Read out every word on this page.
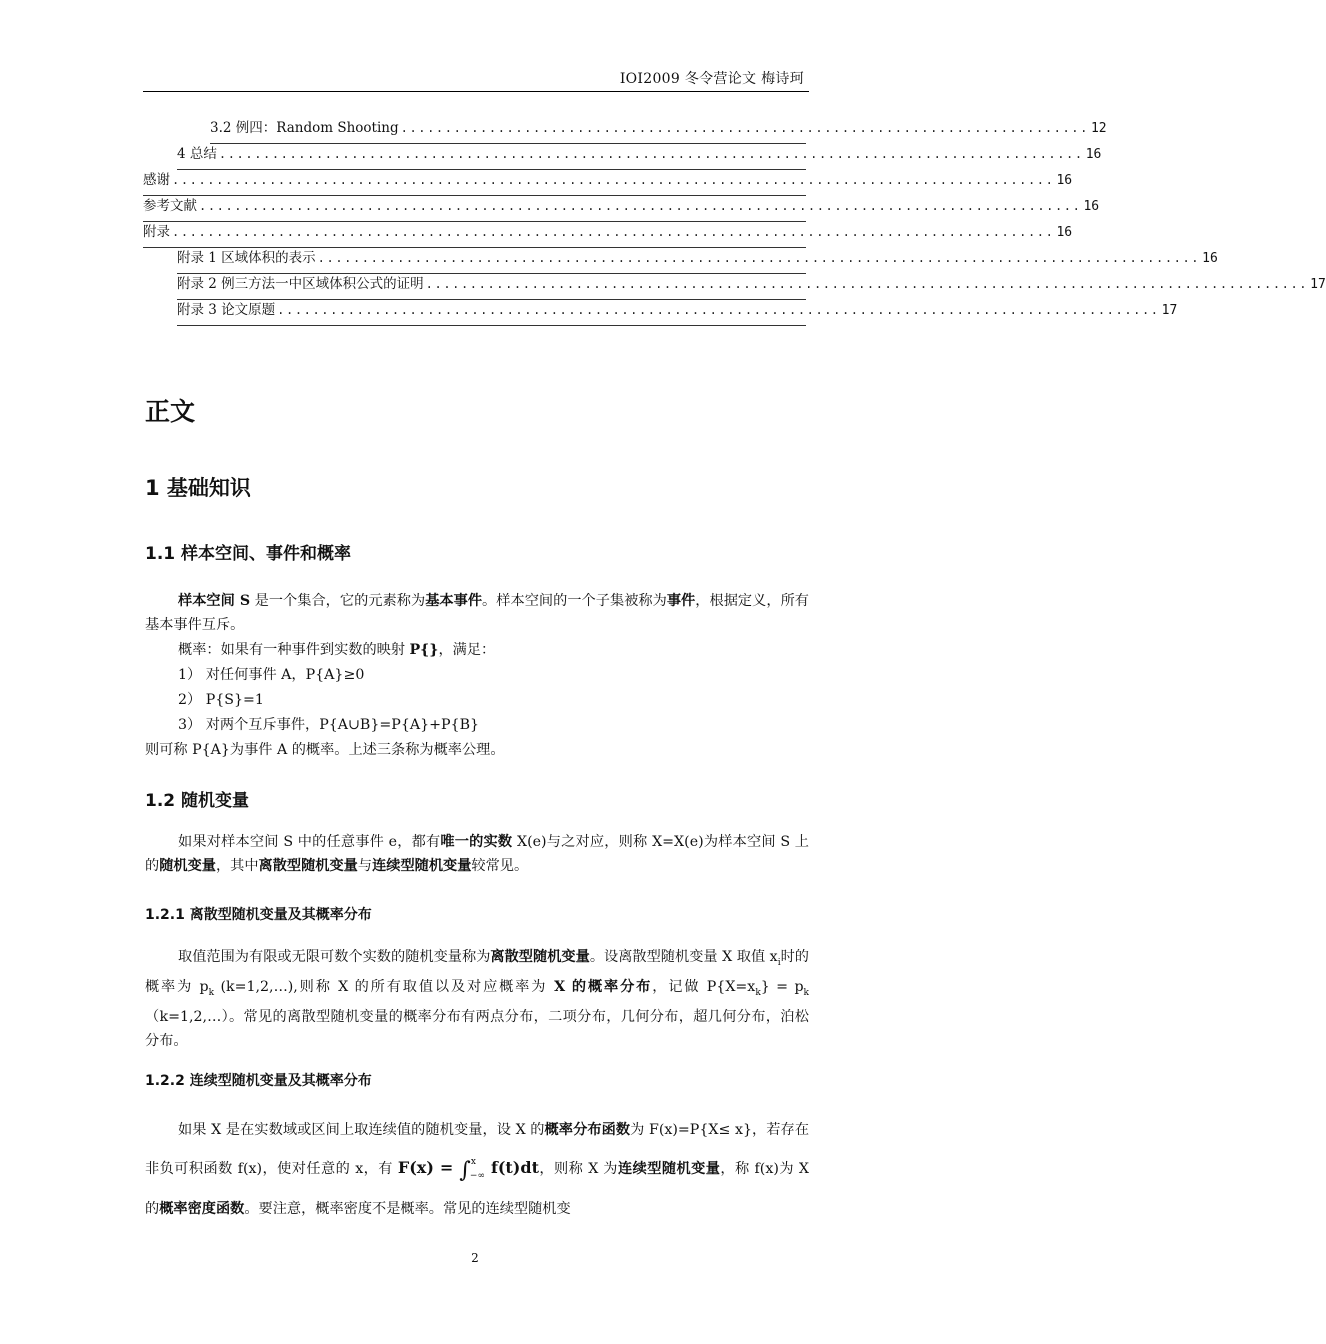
IOI2009 冬令营论文 梅诗珂
3.2 例四：Random Shooting .............................................................................. 12
4 总结 .................................................................................................. 16
感谢 .................................................................................................... 16
参考文献 .................................................................................................... 16
附录 .................................................................................................... 16
附录 1 区域体积的表示 .................................................................................................... 16
附录 2 例三方法一中区域体积公式的证明 .................................................................................................... 17
附录 3 论文原题 .................................................................................................... 17
正文
1 基础知识
1.1 样本空间、事件和概率
样本空间 S 是一个集合，它的元素称为基本事件。样本空间的一个子集被称为事件，根据定义，所有基本事件互斥。
概率：如果有一种事件到实数的映射 P{}，满足：
1） 对任何事件 A，P{A}≥0
2） P{S}=1
3） 对两个互斥事件，P{A∪B}=P{A}+P{B}
则可称 P{A}为事件 A 的概率。上述三条称为概率公理。
1.2 随机变量
如果对样本空间 S 中的任意事件 e，都有唯一的实数 X(e)与之对应，则称 X=X(e)为样本空间 S 上的随机变量，其中离散型随机变量与连续型随机变量较常见。
1.2.1 离散型随机变量及其概率分布
取值范围为有限或无限可数个实数的随机变量称为离散型随机变量。设离散型随机变量 X 取值 $x_i$时的概率为 $p_k$ (k=1,2,…),则称 X 的所有取值以及对应概率为 X 的概率分布，记做 $P\{X=x_k\} = p_k$ （k=1,2,…）。常见的离散型随机变量的概率分布有两点分布，二项分布，几何分布，超几何分布，泊松分布。
1.2.2 连续型随机变量及其概率分布
如果 X 是在实数域或区间上取连续值的随机变量，设 X 的概率分布函数为 F(x)=P{X≤ x}，若存在非负可积函数 f(x)，使对任意的 x，有 F(x) = ∫$^x_{-\infty}$ f(t)dt，则称 X 为连续型随机变量，称 f(x)为 X 的概率密度函数。要注意，概率密度不是概率。常见的连续型随机变
2
